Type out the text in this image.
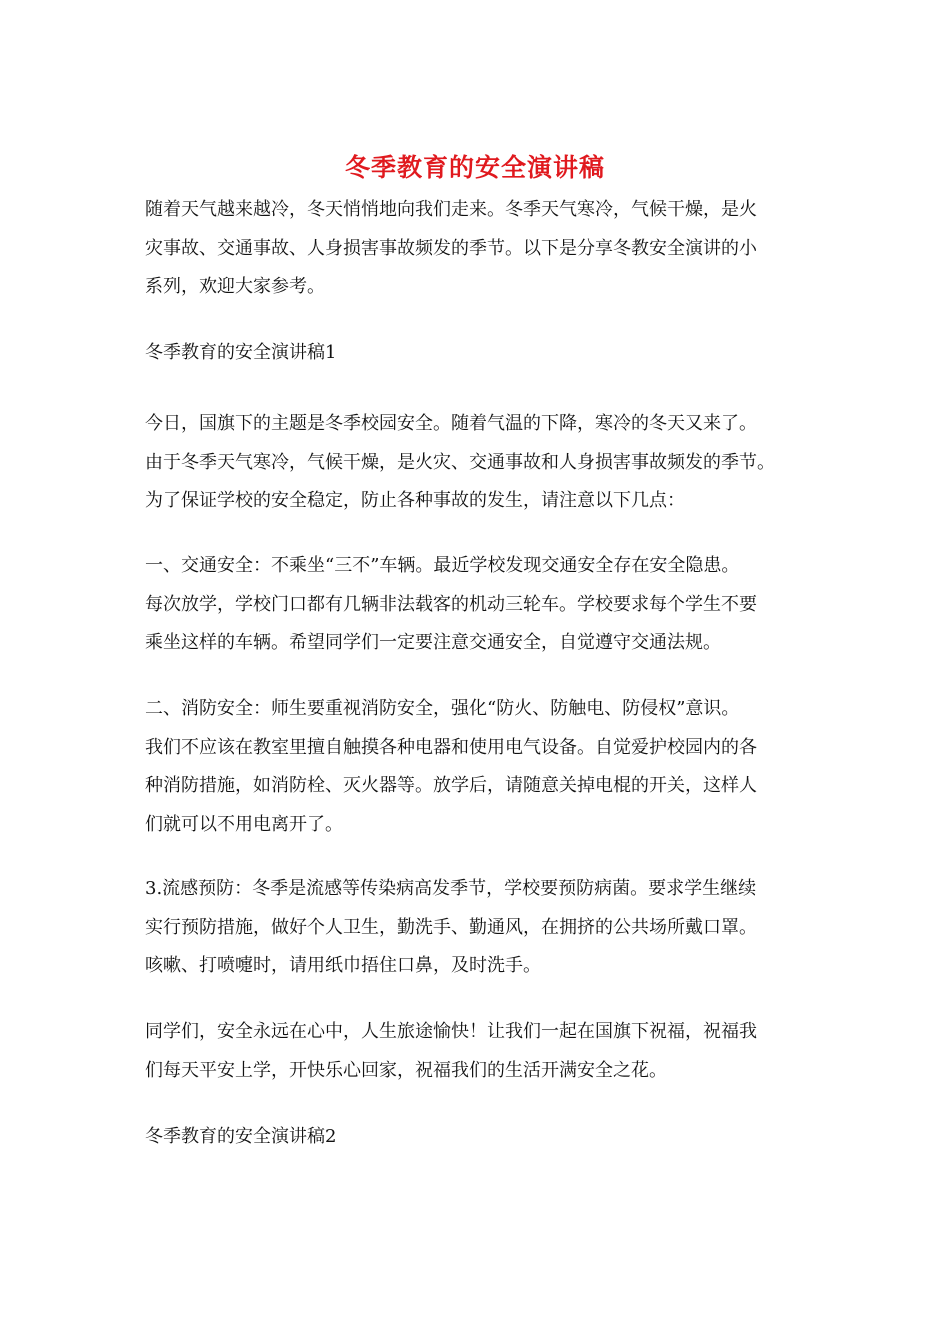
冬季教育的安全演讲稿
随着天气越来越冷，冬天悄悄地向我们走来。冬季天气寒冷，气候干燥，是火
灾事故、交通事故、人身损害事故频发的季节。以下是分享冬教安全演讲的小
系列，欢迎大家参考。
冬季教育的安全演讲稿1
今日，国旗下的主题是冬季校园安全。随着气温的下降，寒冷的冬天又来了。
由于冬季天气寒冷，气候干燥，是火灾、交通事故和人身损害事故频发的季节。
为了保证学校的安全稳定，防止各种事故的发生，请注意以下几点：
一、交通安全：不乘坐“三不”车辆。最近学校发现交通安全存在安全隐患。
每次放学，学校门口都有几辆非法载客的机动三轮车。学校要求每个学生不要
乘坐这样的车辆。希望同学们一定要注意交通安全，自觉遵守交通法规。
二、消防安全：师生要重视消防安全，强化“防火、防触电、防侵权”意识。
我们不应该在教室里擅自触摸各种电器和使用电气设备。自觉爱护校园内的各
种消防措施，如消防栓、灭火器等。放学后，请随意关掉电棍的开关，这样人
们就可以不用电离开了。
3.流感预防：冬季是流感等传染病高发季节，学校要预防病菌。要求学生继续
实行预防措施，做好个人卫生，勤洗手、勤通风，在拥挤的公共场所戴口罩。
咳嗽、打喷嚏时，请用纸巾捂住口鼻，及时洗手。
同学们，安全永远在心中，人生旅途愉快！让我们一起在国旗下祝福，祝福我
们每天平安上学，开快乐心回家，祝福我们的生活开满安全之花。
冬季教育的安全演讲稿2
